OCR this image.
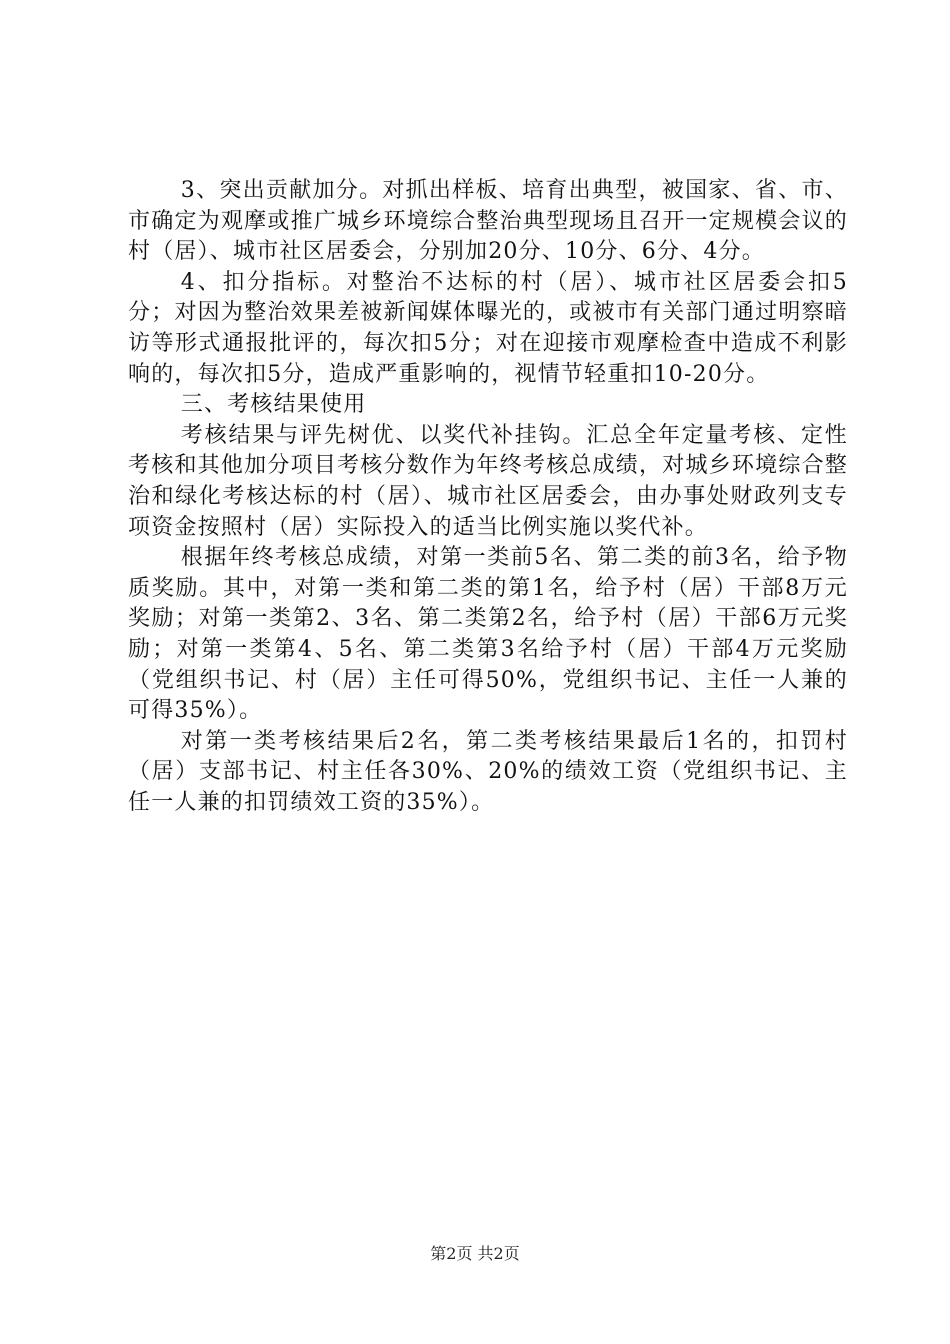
3、突出贡献加分。对抓出样板、培育出典型，被国家、省、市、市确定为观摩或推广城乡环境综合整治典型现场且召开一定规模会议的村（居）、城市社区居委会，分别加20分、10分、6分、4分。

4、扣分指标。对整治不达标的村（居）、城市社区居委会扣5分；对因为整治效果差被新闻媒体曝光的，或被市有关部门通过明察暗访等形式通报批评的，每次扣5分；对在迎接市观摩检查中造成不利影响的，每次扣5分，造成严重影响的，视情节轻重扣10-20分。

三、考核结果使用

考核结果与评先树优、以奖代补挂钩。汇总全年定量考核、定性考核和其他加分项目考核分数作为年终考核总成绩，对城乡环境综合整治和绿化考核达标的村（居）、城市社区居委会，由办事处财政列支专项资金按照村（居）实际投入的适当比例实施以奖代补。

根据年终考核总成绩，对第一类前5名、第二类的前3名，给予物质奖励。其中，对第一类和第二类的第1名，给予村（居）干部8万元奖励；对第一类第2、3名、第二类第2名，给予村（居）干部6万元奖励；对第一类第4、5名、第二类第3名给予村（居）干部4万元奖励（党组织书记、村（居）主任可得50%，党组织书记、主任一人兼的可得35%）。

对第一类考核结果后2名，第二类考核结果最后1名的，扣罚村（居）支部书记、村主任各30%、20%的绩效工资（党组织书记、主任一人兼的扣罚绩效工资的35%）。

第2页 共2页
